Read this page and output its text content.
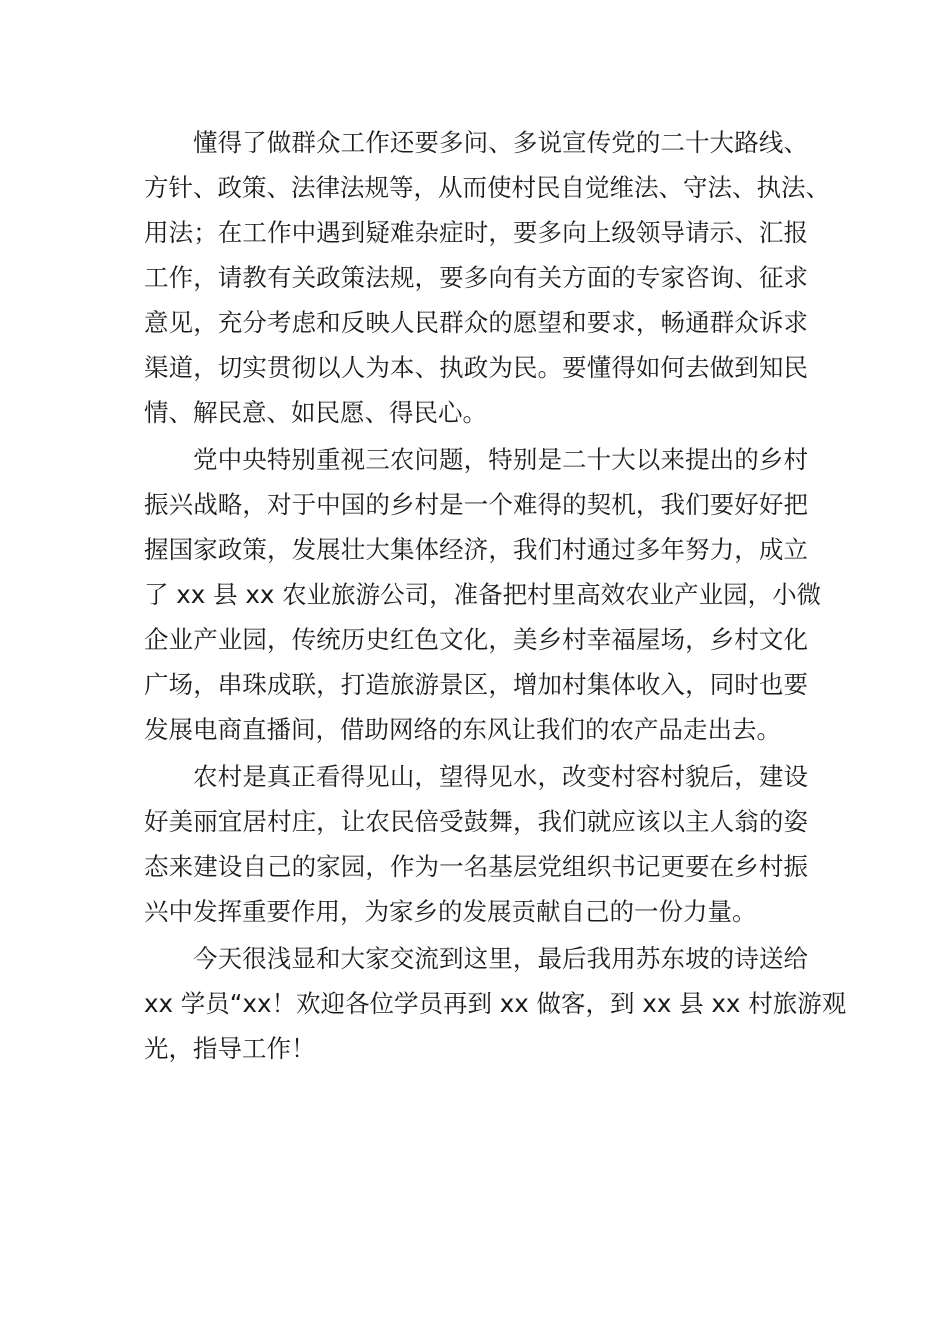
懂得了做群众工作还要多问、多说宣传党的二十大路线、
方针、政策、法律法规等，从而使村民自觉维法、守法、执法、
用法；在工作中遇到疑难杂症时，要多向上级领导请示、汇报
工作，请教有关政策法规，要多向有关方面的专家咨询、征求
意见，充分考虑和反映人民群众的愿望和要求，畅通群众诉求
渠道，切实贯彻以人为本、执政为民。要懂得如何去做到知民
情、解民意、如民愿、得民心。

党中央特别重视三农问题，特别是二十大以来提出的乡村
振兴战略，对于中国的乡村是一个难得的契机，我们要好好把
握国家政策，发展壮大集体经济，我们村通过多年努力，成立
了 xx 县 xx 农业旅游公司，准备把村里高效农业产业园，小微
企业产业园，传统历史红色文化，美乡村幸福屋场，乡村文化
广场，串珠成联，打造旅游景区，增加村集体收入，同时也要
发展电商直播间，借助网络的东风让我们的农产品走出去。

农村是真正看得见山，望得见水，改变村容村貌后，建设
好美丽宜居村庄，让农民倍受鼓舞，我们就应该以主人翁的姿
态来建设自己的家园，作为一名基层党组织书记更要在乡村振
兴中发挥重要作用，为家乡的发展贡献自己的一份力量。

今天很浅显和大家交流到这里，最后我用苏东坡的诗送给
xx 学员“xx！欢迎各位学员再到 xx 做客，到 xx 县 xx 村旅游观
光，指导工作！
